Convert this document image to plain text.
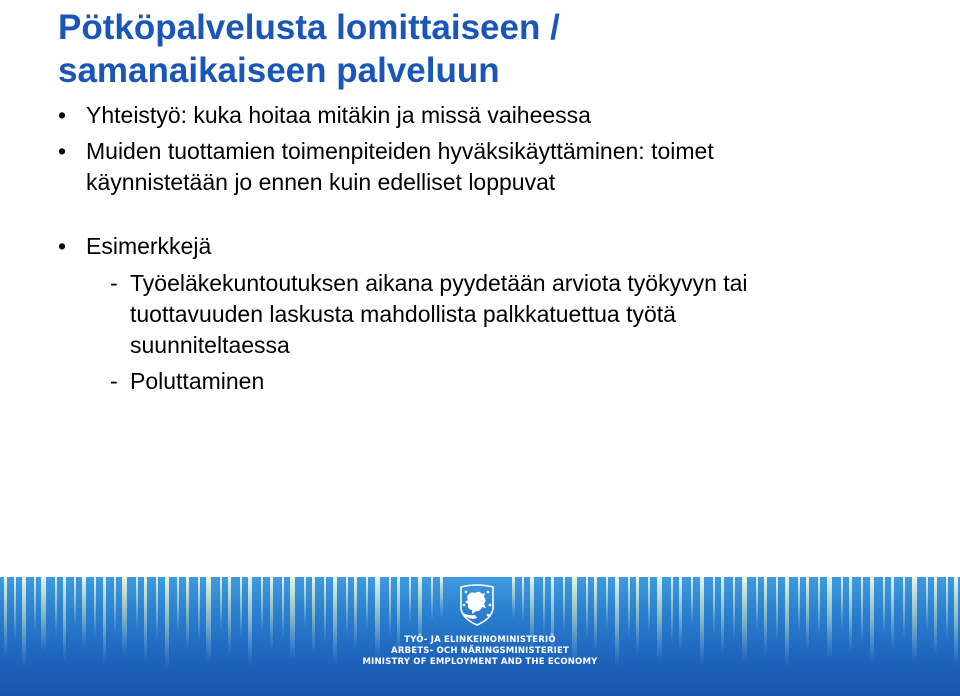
Pötköpalvelusta lomittaiseen /
samanaikaiseen palveluun

• Yhteistyö: kuka hoitaa mitäkin ja missä vaiheessa

• Muiden tuottamien toimenpiteiden hyväksikäyttäminen: toimet
käynnistetään jo ennen kuin edelliset loppuvat

• Esimerkkejä

- Työeläkekuntoutuksen aikana pyydetään arviota työkyvyn tai
tuottavuuden laskusta mahdollista palkkatuettua työtä
suunniteltaessa

- Poluttaminen

TYÖ- JA ELINKEINOMINISTERIÖ
ARBETS- OCH NÄRINGSMINISTERIET
MINISTRY OF EMPLOYMENT AND THE ECONOMY
